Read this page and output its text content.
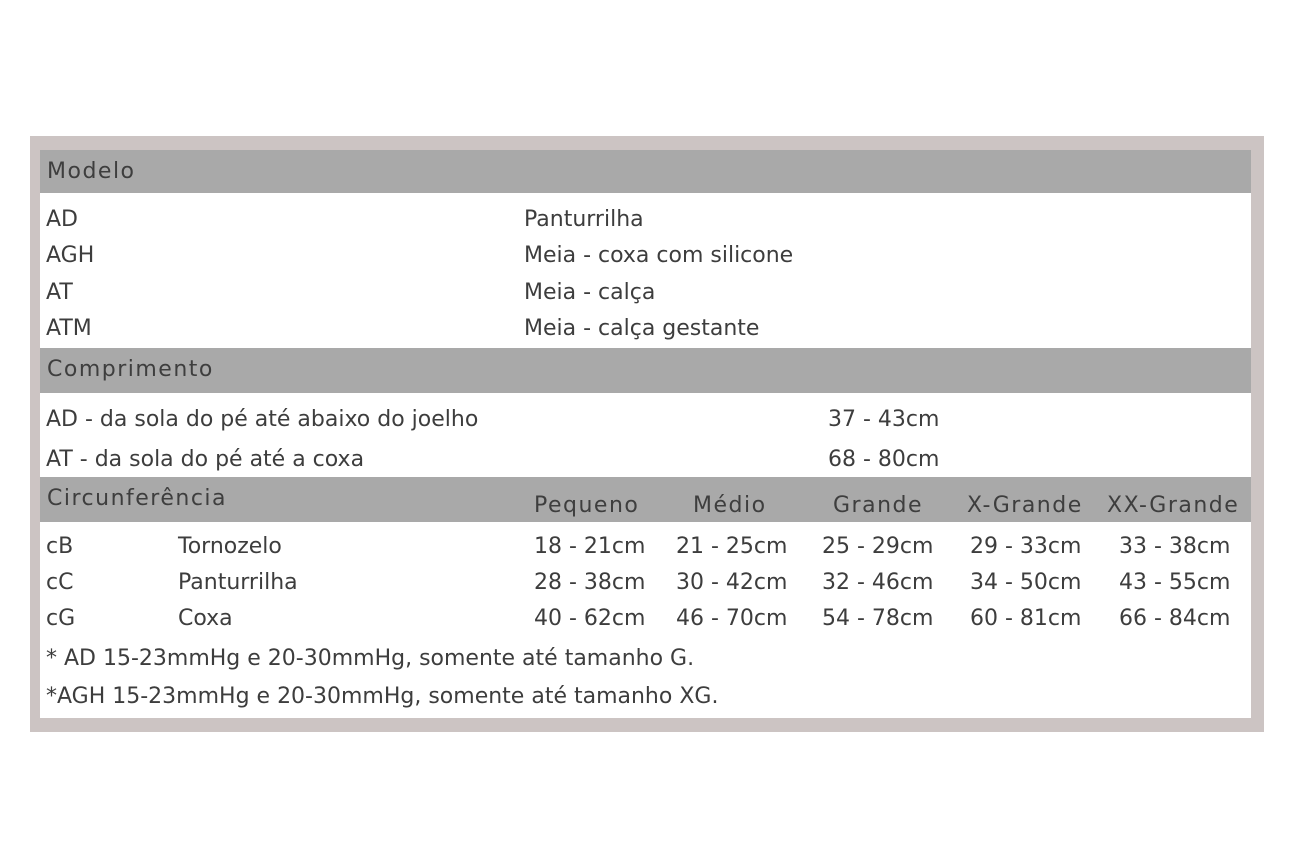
Modelo
AD	Panturrilha
AGH	Meia - coxa com silicone
AT	Meia - calça
ATM	Meia - calça gestante
Comprimento
AD - da sola do pé até abaixo do joelho	37 - 43cm
AT - da sola do pé até a coxa	68 - 80cm
Circunferência	Pequeno Médio	Grande X-Grande XX-Grande
cB	Tornozelo	18 - 21cm 21 - 25cm 25 - 29cm 29 - 33cm 33 - 38cm
cC	Panturrilha	28 - 38cm 30 - 42cm 32 - 46cm 34 - 50cm 43 - 55cm
cG	Coxa	40 - 62cm 46 - 70cm 54 - 78cm 60 - 81cm 66 - 84cm
* AD 15-23mmHg e 20-30mmHg, somente até tamanho G.
*AGH 15-23mmHg e 20-30mmHg, somente até tamanho XG.
